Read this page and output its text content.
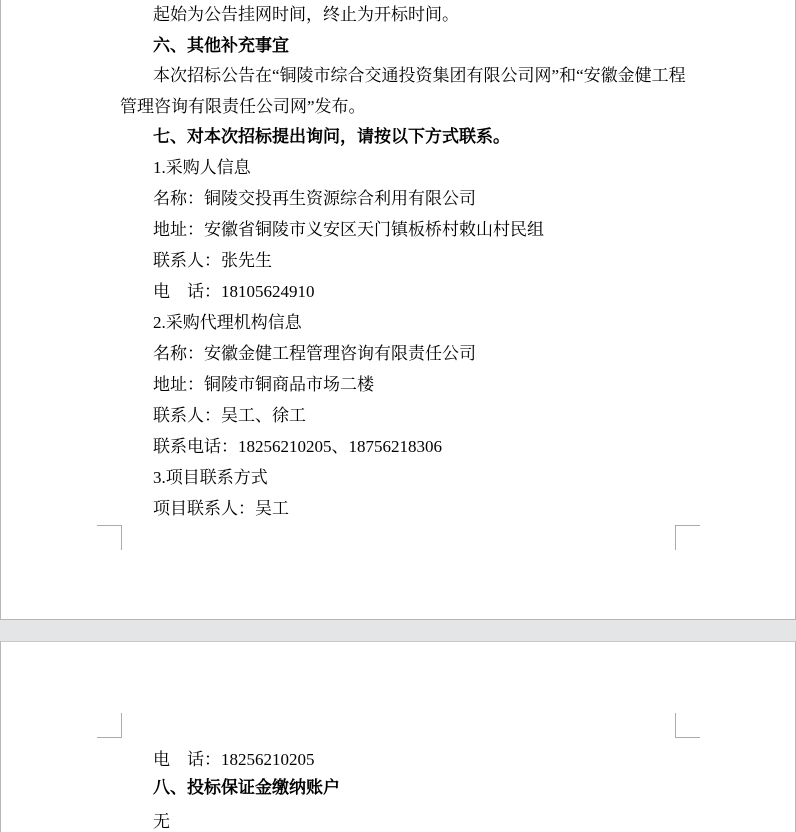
起始为公告挂网时间，终止为开标时间。
六、其他补充事宜
本次招标公告在“铜陵市综合交通投资集团有限公司网”和“安徽金健工程
管理咨询有限责任公司网”发布。
七、对本次招标提出询问，请按以下方式联系。
1.采购人信息
名称：铜陵交投再生资源综合利用有限公司
地址：安徽省铜陵市义安区天门镇板桥村敕山村民组
联系人：张先生
电　话：18105624910
2.采购代理机构信息
名称：安徽金健工程管理咨询有限责任公司
地址：铜陵市铜商品市场二楼
联系人：吴工、徐工
联系电话：18256210205、18756218306
3.项目联系方式
项目联系人：吴工
电　话：18256210205
八、投标保证金缴纳账户
无
